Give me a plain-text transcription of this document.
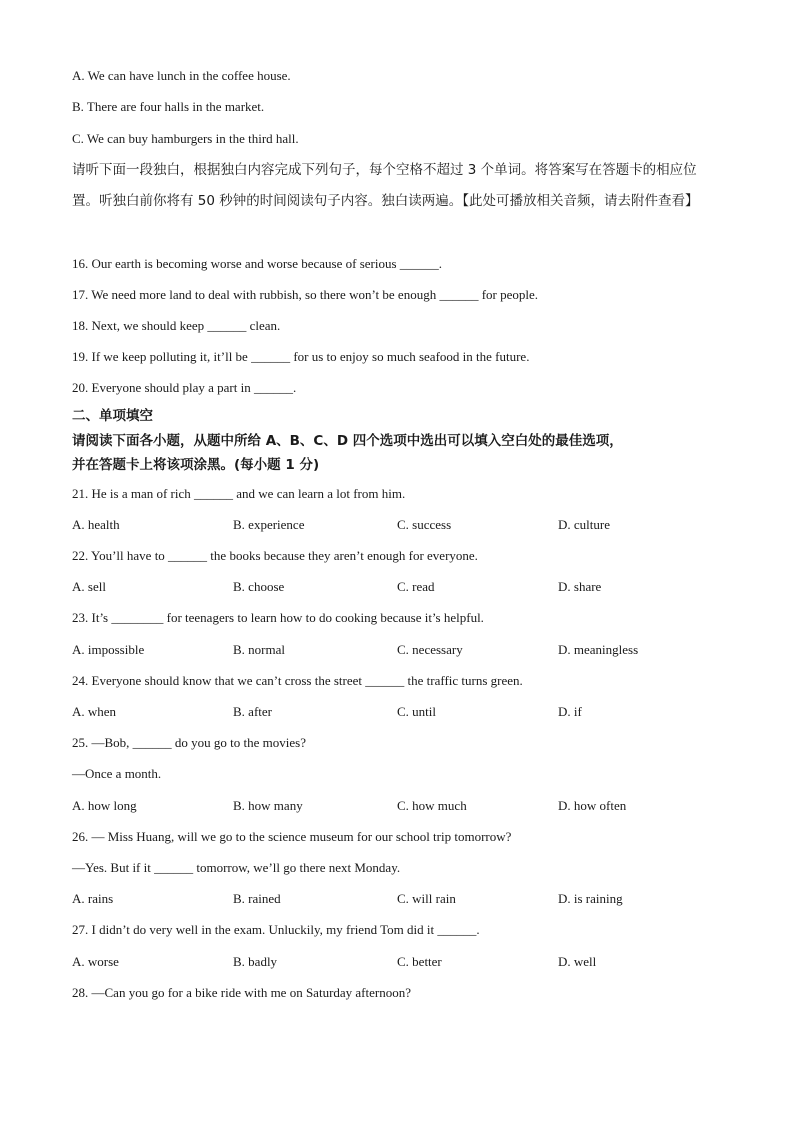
A. We can have lunch in the coffee house.
B. There are four halls in the market.
C. We can buy hamburgers in the third hall.
请听下面一段独白，根据独白内容完成下列句子，每个空格不超过 3 个单词。将答案写在答题卡的相应位
置。听独白前你将有 50 秒钟的时间阅读句子内容。独白读两遍。【此处可播放相关音频，请去附件查看】
16. Our earth is becoming worse and worse because of serious ______.
17. We need more land to deal with rubbish, so there won’t be enough ______ for people.
18. Next, we should keep ______ clean.
19. If we keep polluting it, it’ll be ______ for us to enjoy so much seafood in the future.
20. Everyone should play a part in ______.
二、单项填空
请阅读下面各小题，从题中所给 A、B、C、D 四个选项中选出可以填入空白处的最佳选项，
并在答题卡上将该项涂黑。(每小题 1 分)
21. He is a man of rich ______ and we can learn a lot from him.
A. health	B. experience	C. success	D. culture
22. You’ll have to ______ the books because they aren’t enough for everyone.
A. sell	B. choose	C. read	D. share
23. It’s ________ for teenagers to learn how to do cooking because it’s helpful.
A. impossible	B. normal	C. necessary	D. meaningless
24. Everyone should know that we can’t cross the street ______ the traffic turns green.
A. when	B. after	C. until	D. if
25. —Bob, ______ do you go to the movies?
—Once a month.
A. how long	B. how many	C. how much	D. how often
26. — Miss Huang, will we go to the science museum for our school trip tomorrow?
—Yes. But if it ______ tomorrow, we’ll go there next Monday.
A. rains	B. rained	C. will rain	D. is raining
27. I didn’t do very well in the exam. Unluckily, my friend Tom did it ______.
A. worse	B. badly	C. better	D. well
28. —Can you go for a bike ride with me on Saturday afternoon?
